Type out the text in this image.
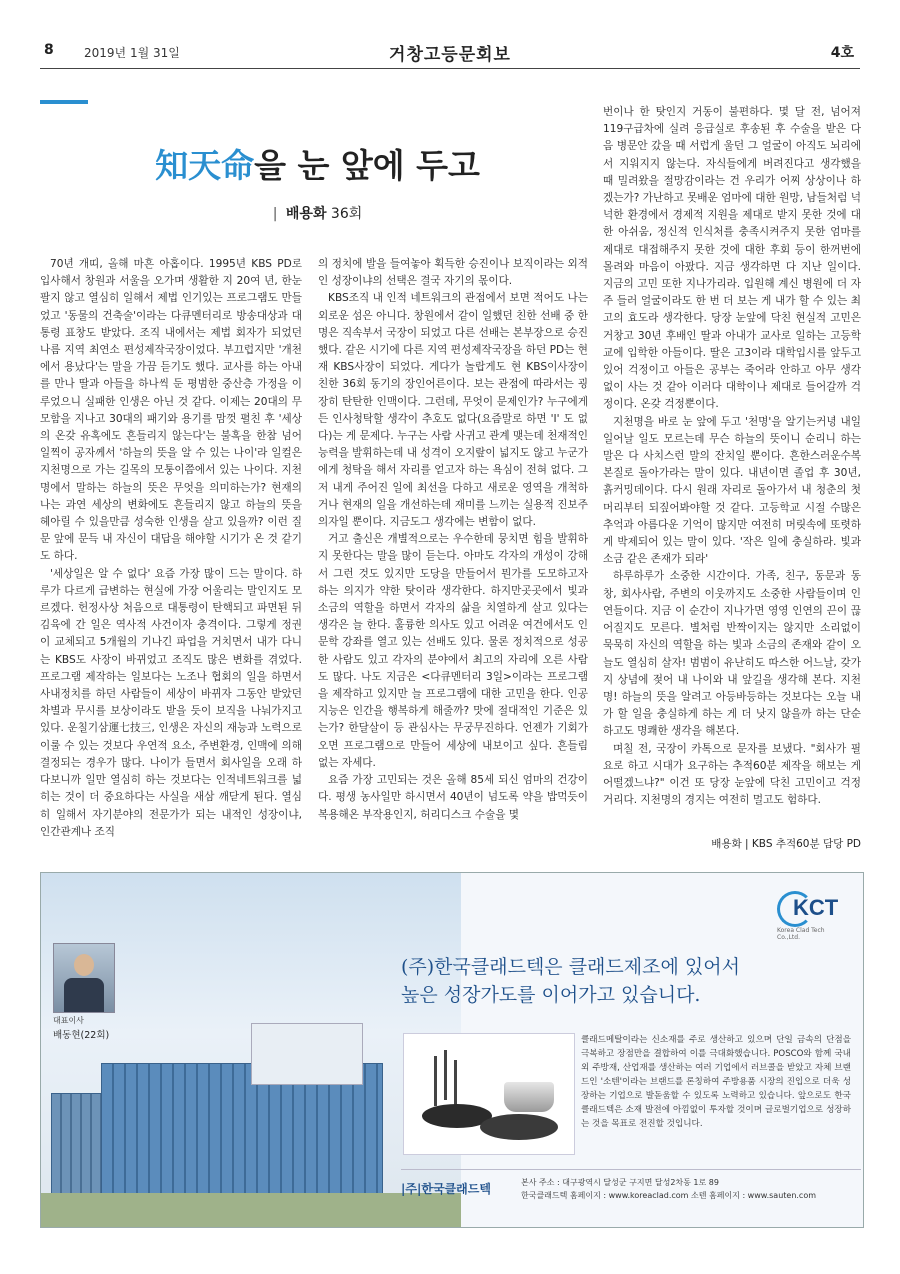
8	2019년 1월 31일	거창고등문회보	4호
知天命을 눈 앞에 두고
| 배용화 36회

70년 개띠, 올해 마흔 아홉이다. 1995년 KBS PD로 입사해서 창원과 서울을 오가며 생활한 지 20여 년, 한눈 팔지 않고 열심히 일해서 제법 인기있는 프로그램도 만들었고 '동물의 건축술'이라는 다큐멘터리로 방송대상과 대통령 표창도 받았다. 조직 내에서는 제법 회자가 되었던 나름 지역 최연소 편성제작국장이었다. 부끄럽지만 '개천에서 용났다'는 말을 가끔 듣기도 했다. 교사를 하는 아내를 만나 딸과 아들을 하나씩 둔 평범한 중산층 가정을 이루었으니 실패한 인생은 아닌 것 같다. 이제는 20대의 무모함을 지나고 30대의 패기와 용기를 맘껏 펼친 후 '세상의 온갖 유혹에도 흔들리지 않는다'는 불혹을 한참 넘어 일찍이 공자께서 '하늘의 뜻을 알 수 있는 나이'라 일컬은 지천명으로 가는 길목의 모퉁이쯤에서 있는 나이다. 지천명에서 말하는 하늘의 뜻은 무엇을 의미하는가? 현재의 나는 과연 세상의 변화에도 흔들리지 않고 하늘의 뜻을 헤아릴 수 있을만큼 성숙한 인생을 살고 있을까? 이런 질문 앞에 문득 내 자신이 대답을 해야할 시기가 온 것 같기도 하다.

'세상일은 알 수 없다' 요즘 가장 많이 드는 말이다. 하루가 다르게 급변하는 현실에 가장 어울리는 말인지도 모르겠다. 헌정사상 처음으로 대통령이 탄핵되고 파면된 뒤 김육에 간 일은 역사적 사건이자 충격이다. 그렇게 정권이 교체되고 5개월의 기나긴 파업을 거치면서 내가 다니는 KBS도 사장이 바뀌었고 조직도 많은 변화를 겪었다. 프로그램 제작하는 일보다는 노조나 협회의 일을 하면서 사내정치를 하던 사람들이 세상이 바뀌자 그동안 받았던 차별과 무시를 보상이라도 받을 듯이 보직을 나눠가지고 있다. 운칠기삼運七技三, 인생은 자신의 재능과 노력으로 이룰 수 있는 것보다 우연적 요소, 주변환경, 인맥에 의해 결정되는 경우가 많다. 나이가 들면서 회사일을 오래 하다보니까 일만 열심히 하는 것보다는 인적네트워크를 넓히는 것이 더 중요하다는 사실을 새삼 깨닫게 된다. 열심히 일해서 자기분야의 전문가가 되는 내적인 성장이냐, 인간관계나 조직

의 정치에 발을 들여놓아 획득한 승진이나 보직이라는 외적인 성장이냐의 선택은 결국 자기의 몫이다.

KBS조직 내 인적 네트워크의 관점에서 보면 적어도 나는 외로운 섬은 아니다. 창원에서 같이 일했던 친한 선배 중 한 명은 직속부서 국장이 되었고 다른 선배는 본부장으로 승진했다. 같은 시기에 다른 지역 편성제작국장을 하던 PD는 현재 KBS사장이 되었다. 게다가 놀랍게도 현 KBS이사장이 친한 36회 동기의 장인어른이다. 보는 관점에 따라서는 굉장히 탄탄한 인맥이다. 그런데, 무엇이 문제인가? 누구에게든 인사청탁할 생각이 추호도 없다(요즘말로 하면 'I' 도 없다)는 게 문제다. 누구는 사람 사귀고 관계 맺는데 천재적인 능력을 발휘하는데 내 성격이 오지랖이 넓지도 않고 누군가에게 청탁을 해서 자리를 얻고자 하는 욕심이 전혀 없다. 그저 내게 주어진 일에 최선을 다하고 새로운 영역을 개척하거나 현재의 일을 개선하는데 재미를 느끼는 실용적 진보주의자일 뿐이다. 지금도그 생각에는 변함이 없다.

거고 출신은 개별적으로는 우수한데 뭉치면 힘을 발휘하지 못한다는 말을 많이 듣는다. 아마도 각자의 개성이 강해서 그런 것도 있지만 도당을 만들어서 뭔가를 도모하고자 하는 의지가 약한 탓이라 생각한다. 하지만곳곳에서 빛과 소금의 역할을 하면서 각자의 삶을 치열하게 살고 있다는 생각은 늘 한다. 훌륭한 의사도 있고 어려운 여건에서도 인문학 강좌를 열고 있는 선배도 있다. 물론 정치적으로 성공한 사람도 있고 각자의 분야에서 최고의 자리에 오른 사람도 많다. 나도 지금은 <다큐멘터리 3일>이라는 프로그램을 제작하고 있지만 늘 프로그램에 대한 고민을 한다. 인공지능은 인간을 행복하게 해줄까? 맛에 절대적인 기준은 있는가? 한달살이 등 관심사는 무궁무진하다. 언젠가 기회가 오면 프로그램으로 만들어 세상에 내보이고 싶다. 흔들림 없는 자세다.

요즘 가장 고민되는 것은 올해 85세 되신 엄마의 건강이다. 평생 농사일만 하시면서 40년이 넘도록 약을 밥먹듯이 복용해온 부작용인지, 허리디스크 수술을 몇

번이나 한 탓인지 거동이 불편하다. 몇 달 전, 넘어져 119구급차에 실려 응급실로 후송된 후 수술을 받은 다음 병문안 갔을 때 서럽게 울던 그 얼굴이 아직도 뇌리에서 지워지지 않는다. 자식들에게 버려진다고 생각했을 때 밀려왔을 절망감이라는 건 우리가 어찌 상상이나 하겠는가? 가난하고 못배운 엄마에 대한 원망, 남들처럼 넉넉한 환경에서 경제적 지원을 제대로 받지 못한 것에 대한 아쉬움, 정신적 인식처를 충족시켜주지 못한 엄마를 제대로 대접해주지 못한 것에 대한 후회 등이 한꺼번에 몰려와 마음이 아팠다. 지금 생각하면 다 지난 일이다. 지금의 고민 또한 지나가리라. 입원해 계신 병원에 더 자주 들러 얼굴이라도 한 번 더 보는 게 내가 할 수 있는 최고의 효도라 생각한다. 당장 눈앞에 닥친 현실적 고민은 거창고 30년 후배인 딸과 아내가 교사로 일하는 고등학교에 입학한 아들이다. 딸은 고3이라 대학입시를 앞두고 있어 걱정이고 아들은 공부는 죽어라 안하고 아무 생각없이 사는 것 같아 이러다 대학이나 제대로 들어갈까 걱정이다. 온갖 걱정뿐이다.

지천명을 바로 눈 앞에 두고 '천명'을 알기는커녕 내일 일어날 일도 모르는데 무슨 하늘의 뜻이니 순리니 하는 말은 다 사치스런 말의 잔치일 뿐이다. 흔한스러운수복 본질로 돌아가라는 말이 있다. 내년이면 졸업 후 30년, 흙커밍데이다. 다시 원래 자리로 돌아가서 내 청춘의 첫머리부터 되짚어봐야할 것 같다. 고등학교 시절 수많은 추억과 아름다운 기억이 많지만 여전히 머릿속에 또렷하게 박제되어 있는 말이 있다. '작은 일에 충실하라. 빛과 소금 같은 존재가 되라'

하루하루가 소중한 시간이다. 가족, 친구, 동문과 동창, 회사사람, 주변의 이웃까지도 소중한 사람들이며 인연들이다. 지금 이 순간이 지나가면 영영 인연의 끈이 끊어질지도 모른다. 별처럼 반짝이지는 않지만 소리없이 묵묵히 자신의 역할을 하는 빛과 소금의 존재와 같이 오늘도 열심히 살자! 범범이 유난히도 따스한 어느날, 갖가지 상념에 젖어 내 나이와 내 앞길을 생각해 본다. 지천명! 하늘의 뜻을 알려고 아등바등하는 것보다는 오늘 내가 할 일을 충실하게 하는 게 더 낫지 않을까 하는 단순하고도 명쾌한 생각을 해본다.

며칠 전, 국장이 카톡으로 문자를 보냈다. "회사가 필요로 하고 시대가 요구하는 추적60분 제작을 해보는 게 어떨겠느냐?" 이건 또 당장 눈앞에 닥친 고민이고 걱정거리다. 지천명의 경지는 여전히 멀고도 험하다.

배용화 | KBS 추적60분 담당 PD
대표이사
배동현(22회)
KCT
Korea Clad Tech Co.,Ltd.
(주)한국클래드텍은 클래드제조에 있어서
높은 성장가도를 이어가고 있습니다.
클래드메탈이라는 신소재를 주로 생산하고 있으며 단일 금속의 단점을 극복하고 장점만을 결합하여 이를 극대화했습니다. POSCO와 함께 국내외 주방재, 산업재를 생산하는 여러 기업에서 러브콜을 받았고 자체 브랜드인 '소텐'이라는 브랜드를 론칭하여 주방용품 시장의 진입으로 더욱 성장하는 기업으로 발돋움할 수 있도록 노력하고 있습니다. 앞으로도 한국클래드텍은 소재 발전에 아낌없이 투자할 것이며 글로벌기업으로 성장하는 것을 목표로 전진할 것입니다.
|주|한국클래드텍	본사 주소 : 대구광역시 달성군 구지면 달성2차동 1로 89
한국클래드텍 홈페이지 : www.koreaclad.com 소텐 홈페이지 : www.sauten.com
